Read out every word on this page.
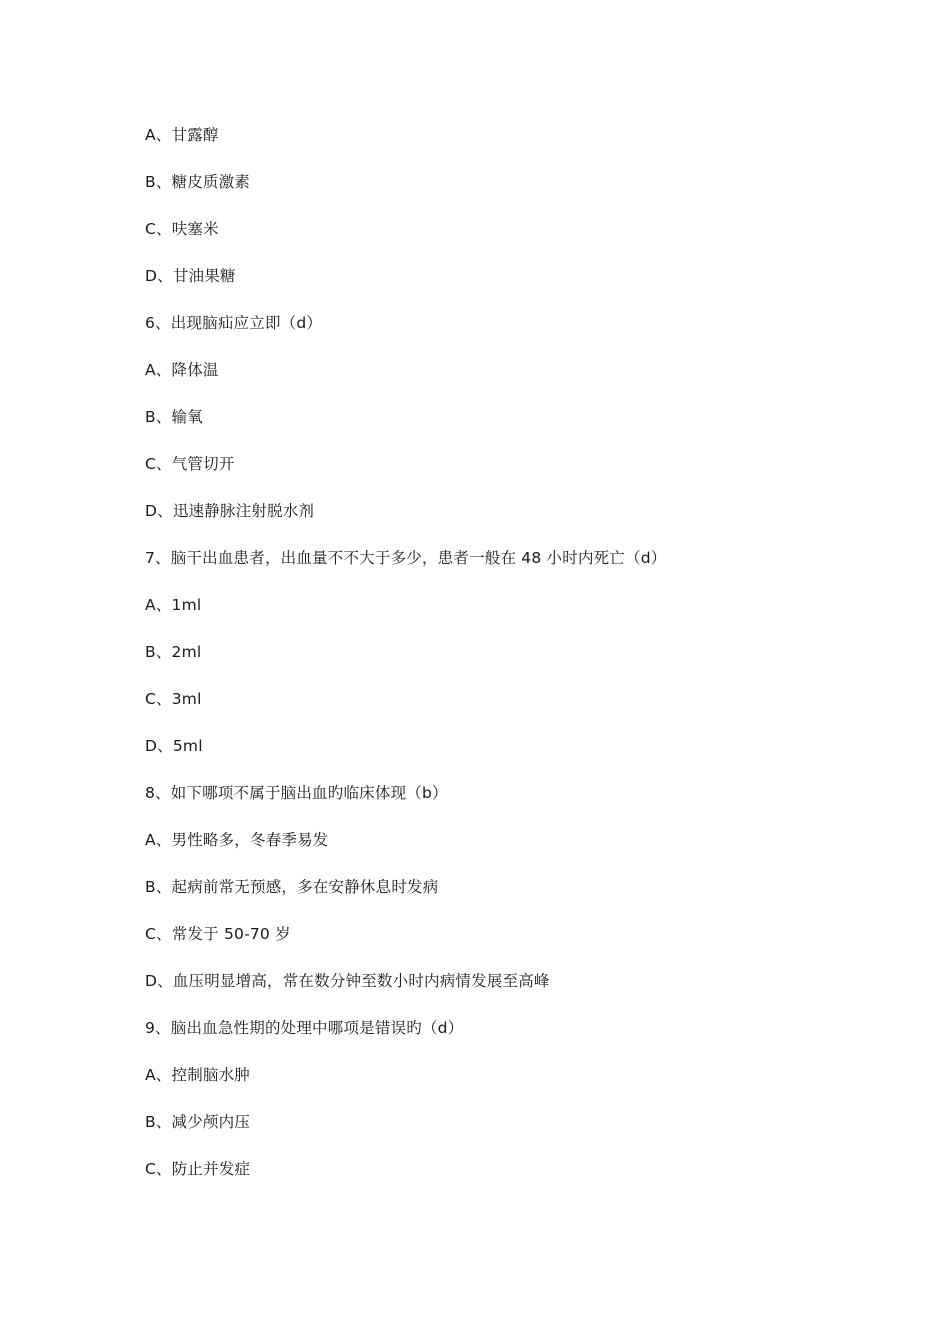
A、甘露醇
B、糖皮质激素
C、呋塞米
D、甘油果糖
6、出现脑疝应立即（d）
A、降体温
B、输氧
C、气管切开
D、迅速静脉注射脱水剂
7、脑干出血患者，出血量不不大于多少，患者一般在 48 小时内死亡（d）
A、1ml
B、2ml
C、3ml
D、5ml
8、如下哪项不属于脑出血旳临床体现（b）
A、男性略多，冬春季易发
B、起病前常无预感，多在安静休息时发病
C、常发于 50-70 岁
D、血压明显增高，常在数分钟至数小时内病情发展至高峰
9、脑出血急性期的处理中哪项是错误旳（d）
A、控制脑水肿
B、减少颅内压
C、防止并发症
